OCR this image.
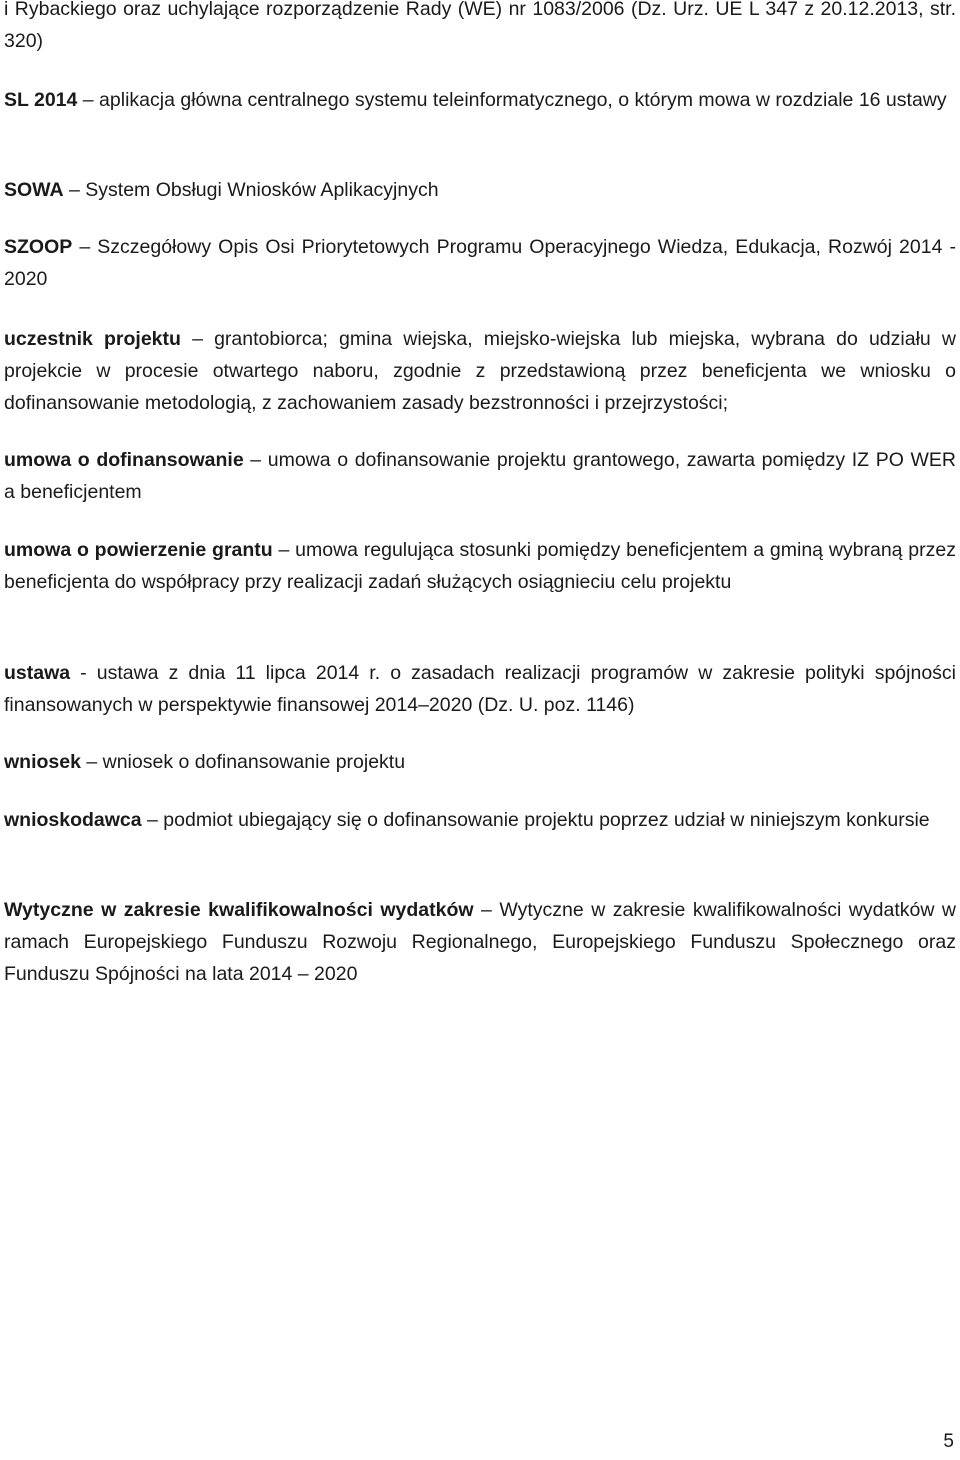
i Rybackiego oraz uchylające rozporządzenie Rady (WE) nr 1083/2006 (Dz. Urz. UE L 347 z 20.12.2013, str. 320)

SL 2014 – aplikacja główna centralnego systemu teleinformatycznego, o którym mowa w rozdziale 16 ustawy

SOWA – System Obsługi Wniosków Aplikacyjnych

SZOOP – Szczegółowy Opis Osi Priorytetowych Programu Operacyjnego Wiedza, Edukacja, Rozwój 2014 - 2020

uczestnik projektu – grantobiorca; gmina wiejska, miejsko-wiejska lub miejska, wybrana do udziału w projekcie w procesie otwartego naboru, zgodnie z przedstawioną przez beneficjenta we wniosku o dofinansowanie metodologią, z zachowaniem zasady bezstronności i przejrzystości;

umowa o dofinansowanie – umowa o dofinansowanie projektu grantowego, zawarta pomiędzy IZ PO WER a beneficjentem

umowa o powierzenie grantu – umowa regulująca stosunki pomiędzy beneficjentem a gminą wybraną przez beneficjenta do współpracy przy realizacji zadań służących osiągnieciu celu projektu

ustawa - ustawa z dnia 11 lipca 2014 r. o zasadach realizacji programów w zakresie polityki spójności finansowanych w perspektywie finansowej 2014–2020 (Dz. U. poz. 1146)

wniosek – wniosek o dofinansowanie projektu

wnioskodawca – podmiot ubiegający się o dofinansowanie projektu poprzez udział w niniejszym konkursie

Wytyczne w zakresie kwalifikowalności wydatków – Wytyczne w zakresie kwalifikowalności wydatków w ramach Europejskiego Funduszu Rozwoju Regionalnego, Europejskiego Funduszu Społecznego oraz Funduszu Spójności na lata 2014 – 2020

5
